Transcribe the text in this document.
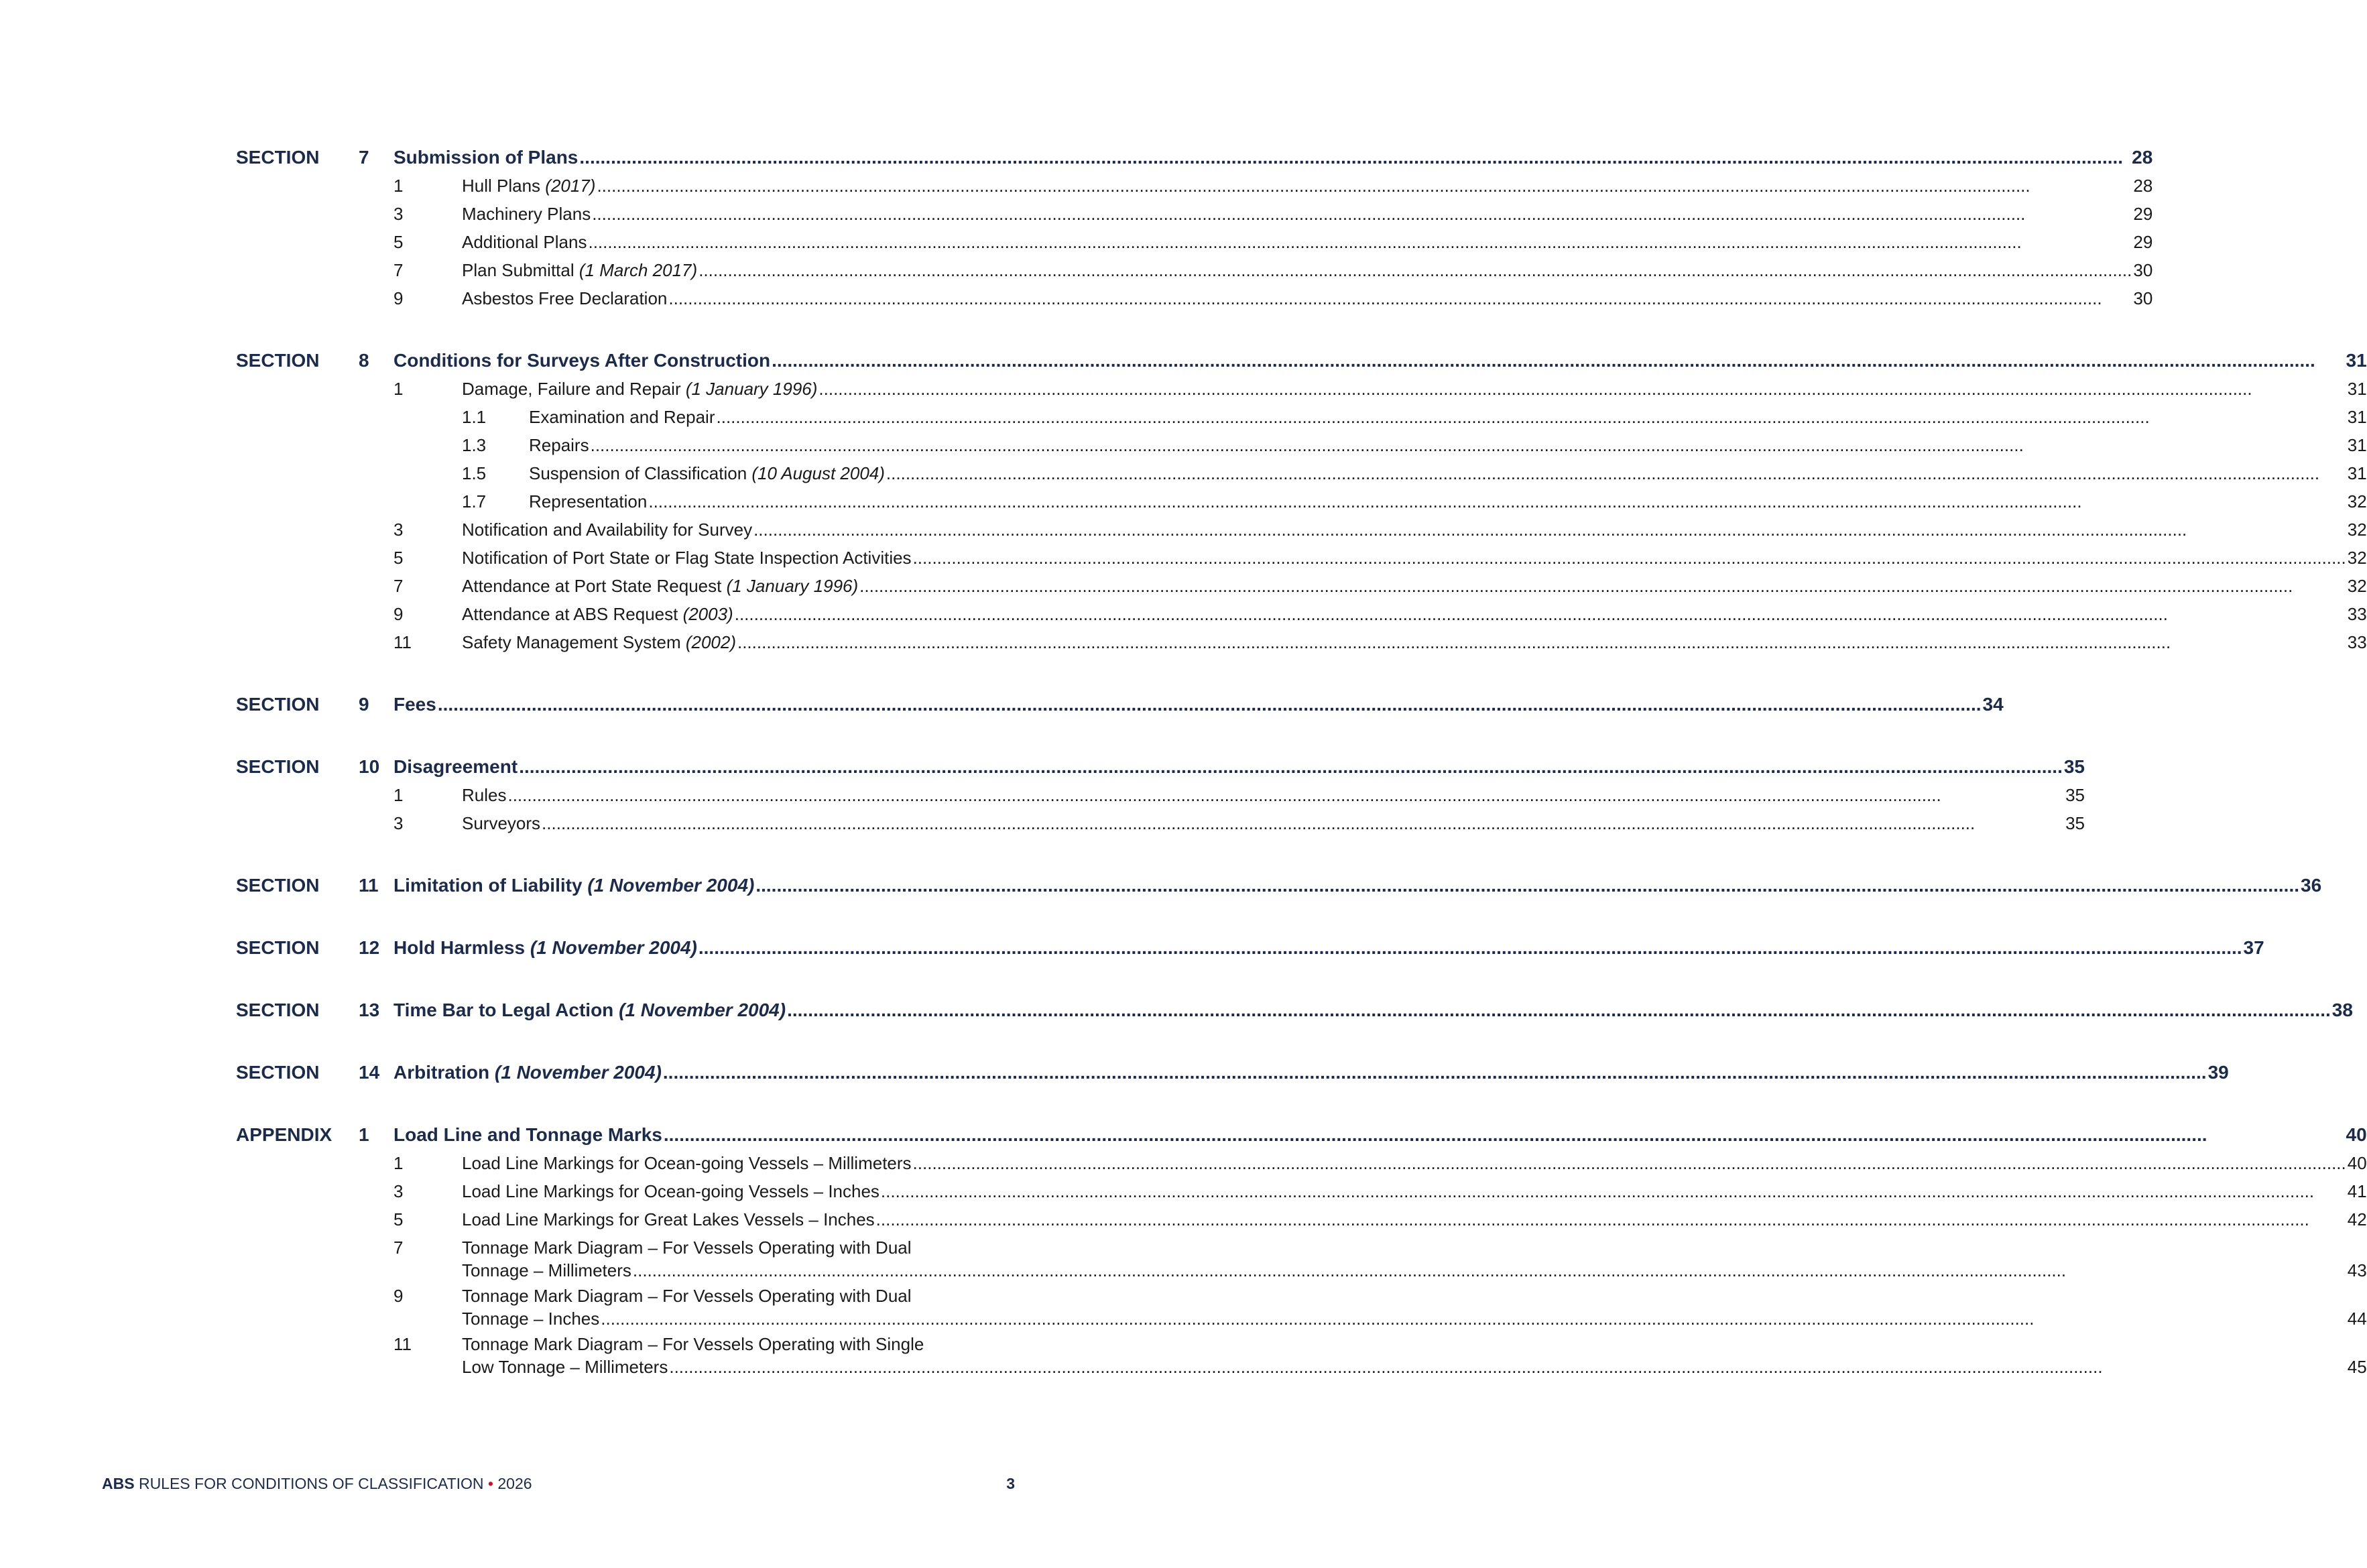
SECTION	7	Submission of Plans .....	28
1	Hull Plans (2017) .....	28
3	Machinery Plans .....	29
5	Additional Plans .....	29
7	Plan Submittal (1 March 2017) .....	30
9	Asbestos Free Declaration .....	30
SECTION	8	Conditions for Surveys After Construction .....	31
1	Damage, Failure and Repair (1 January 1996) .....	31
1.1	Examination and Repair .....	31
1.3	Repairs .....	31
1.5	Suspension of Classification (10 August 2004) .....	31
1.7	Representation .....	32
3	Notification and Availability for Survey .....	32
5	Notification of Port State or Flag State Inspection Activities .....	32
7	Attendance at Port State Request (1 January 1996) .....	32
9	Attendance at ABS Request (2003) .....	33
11	Safety Management System (2002) .....	33
SECTION	9	Fees .....	34
SECTION	10 Disagreement .....	35
1	Rules .....	35
3	Surveyors .....	35
SECTION	11 Limitation of Liability (1 November 2004) .....	36
SECTION	12 Hold Harmless (1 November 2004) .....	37
SECTION	13 Time Bar to Legal Action (1 November 2004) .....	38
SECTION	14 Arbitration (1 November 2004) .....	39
APPENDIX	1	Load Line and Tonnage Marks .....	40
1	Load Line Markings for Ocean-going Vessels – Millimeters .....	40
3	Load Line Markings for Ocean-going Vessels – Inches .....	41
5	Load Line Markings for Great Lakes Vessels – Inches .....	42
7	Tonnage Mark Diagram – For Vessels Operating with Dual
Tonnage – Millimeters .....	43
9	Tonnage Mark Diagram – For Vessels Operating with Dual
Tonnage – Inches .....	44
11	Tonnage Mark Diagram – For Vessels Operating with Single
Low Tonnage – Millimeters .....	45
ABS RULES FOR CONDITIONS OF CLASSIFICATION • 2026	3
